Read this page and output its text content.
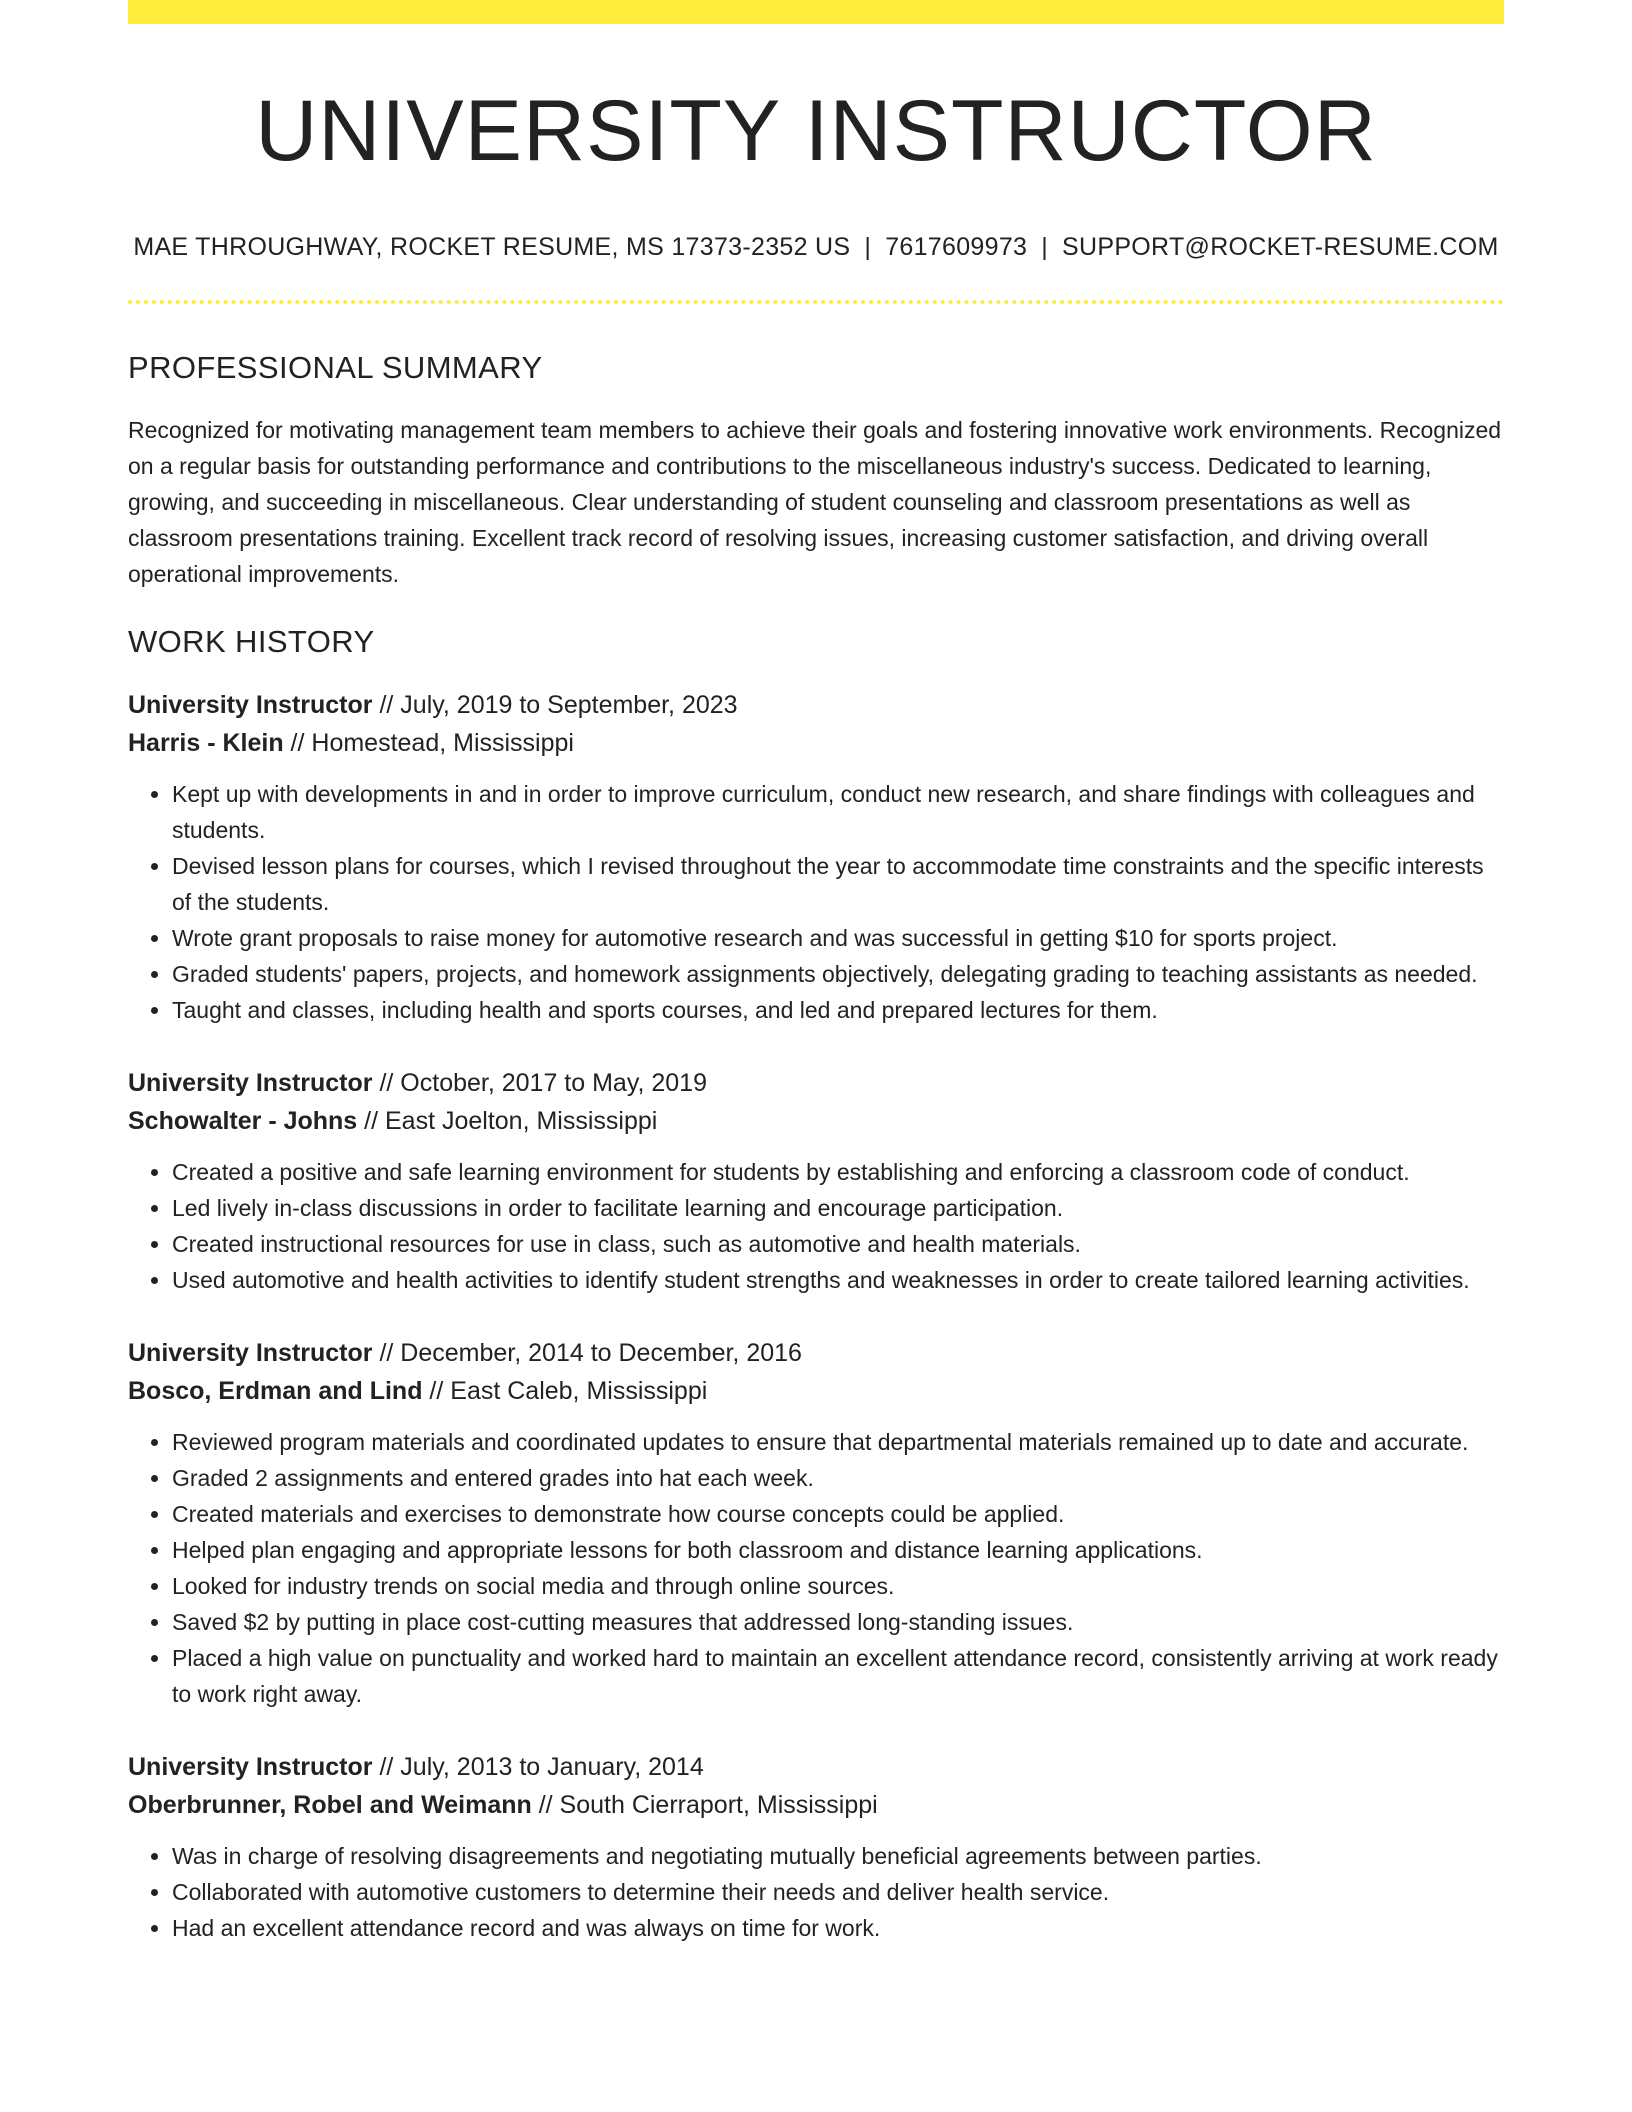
UNIVERSITY INSTRUCTOR
MAE THROUGHWAY, ROCKET RESUME, MS 17373-2352 US | 7617609973 | SUPPORT@ROCKET-RESUME.COM
PROFESSIONAL SUMMARY

Recognized for motivating management team members to achieve their goals and fostering innovative work environments. Recognized on a regular basis for outstanding performance and contributions to the miscellaneous industry's success. Dedicated to learning, growing, and succeeding in miscellaneous. Clear understanding of student counseling and classroom presentations as well as classroom presentations training. Excellent track record of resolving issues, increasing customer satisfaction, and driving overall operational improvements.

WORK HISTORY
University Instructor // July, 2019 to September, 2023
Harris - Klein // Homestead, Mississippi
• Kept up with developments in and in order to improve curriculum, conduct new research, and share findings with colleagues and students.
• Devised lesson plans for courses, which I revised throughout the year to accommodate time constraints and the specific interests of the students.
• Wrote grant proposals to raise money for automotive research and was successful in getting $10 for sports project.
• Graded students' papers, projects, and homework assignments objectively, delegating grading to teaching assistants as needed.
• Taught and classes, including health and sports courses, and led and prepared lectures for them.
University Instructor // October, 2017 to May, 2019
Schowalter - Johns // East Joelton, Mississippi
• Created a positive and safe learning environment for students by establishing and enforcing a classroom code of conduct.
• Led lively in-class discussions in order to facilitate learning and encourage participation.
• Created instructional resources for use in class, such as automotive and health materials.
• Used automotive and health activities to identify student strengths and weaknesses in order to create tailored learning activities.
University Instructor // December, 2014 to December, 2016
Bosco, Erdman and Lind // East Caleb, Mississippi
• Reviewed program materials and coordinated updates to ensure that departmental materials remained up to date and accurate.
• Graded 2 assignments and entered grades into hat each week.
• Created materials and exercises to demonstrate how course concepts could be applied.
• Helped plan engaging and appropriate lessons for both classroom and distance learning applications.
• Looked for industry trends on social media and through online sources.
• Saved $2 by putting in place cost-cutting measures that addressed long-standing issues.
• Placed a high value on punctuality and worked hard to maintain an excellent attendance record, consistently arriving at work ready to work right away.
University Instructor // July, 2013 to January, 2014
Oberbrunner, Robel and Weimann // South Cierraport, Mississippi
• Was in charge of resolving disagreements and negotiating mutually beneficial agreements between parties.
• Collaborated with automotive customers to determine their needs and deliver health service.
• Had an excellent attendance record and was always on time for work.
